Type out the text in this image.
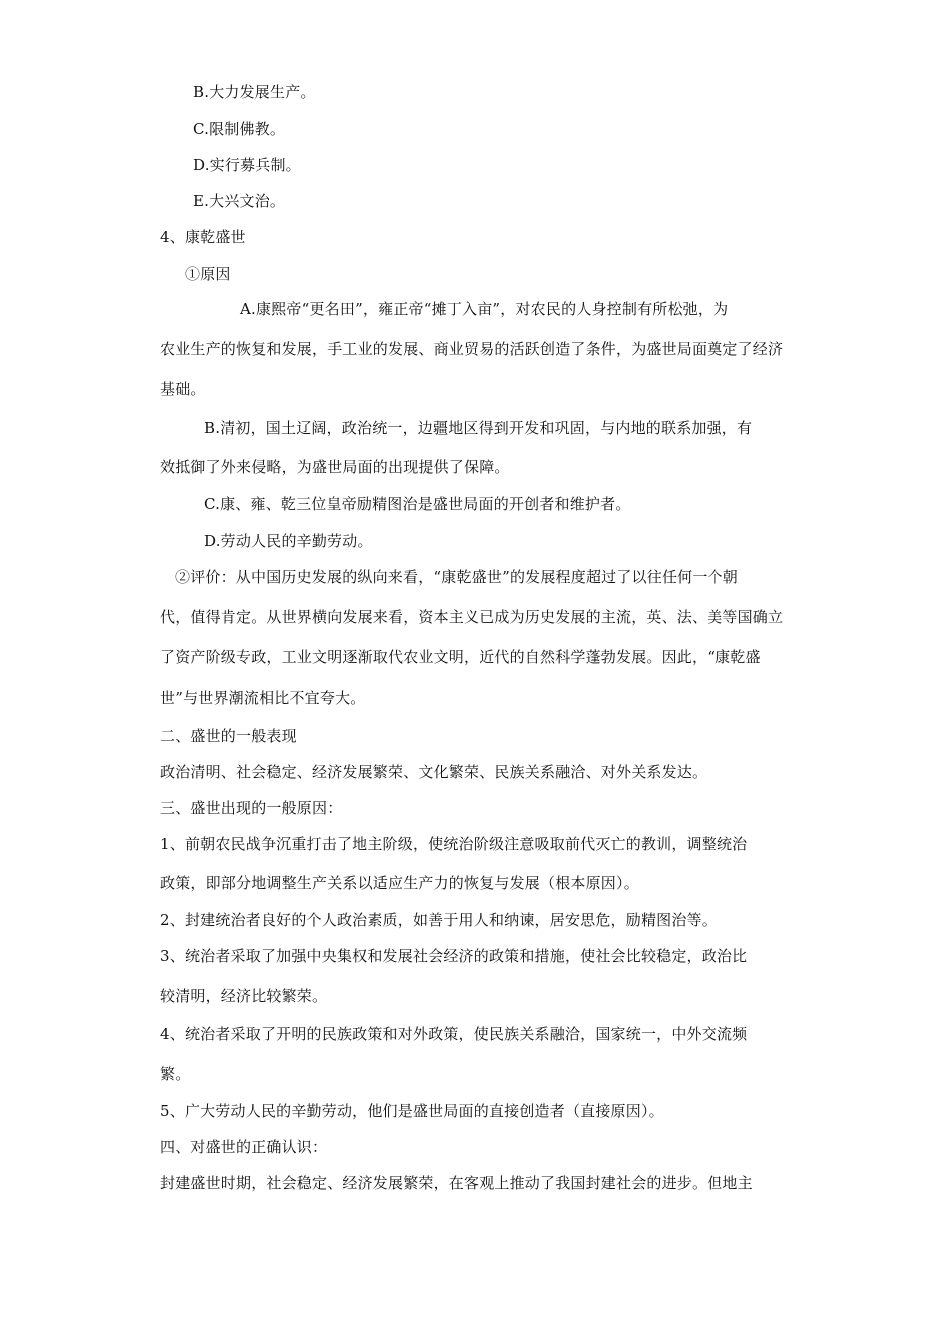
B.大力发展生产。
C.限制佛教。
D.实行募兵制。
E.大兴文治。
4、康乾盛世
①原因
A.康熙帝“更名田”，雍正帝“摊丁入亩”，对农民的人身控制有所松弛，为
农业生产的恢复和发展，手工业的发展、商业贸易的活跃创造了条件，为盛世局面奠定了经济
基础。
B.清初，国土辽阔，政治统一，边疆地区得到开发和巩固，与内地的联系加强，有
效抵御了外来侵略，为盛世局面的出现提供了保障。
C.康、雍、乾三位皇帝励精图治是盛世局面的开创者和维护者。
D.劳动人民的辛勤劳动。
②评价：从中国历史发展的纵向来看，“康乾盛世”的发展程度超过了以往任何一个朝
代，值得肯定。从世界横向发展来看，资本主义已成为历史发展的主流，英、法、美等国确立
了资产阶级专政，工业文明逐渐取代农业文明，近代的自然科学蓬勃发展。因此，“康乾盛
世”与世界潮流相比不宜夸大。
二、盛世的一般表现
政治清明、社会稳定、经济发展繁荣、文化繁荣、民族关系融洽、对外关系发达。
三、盛世出现的一般原因：
1、前朝农民战争沉重打击了地主阶级，使统治阶级注意吸取前代灭亡的教训，调整统治
政策，即部分地调整生产关系以适应生产力的恢复与发展（根本原因）。
2、封建统治者良好的个人政治素质，如善于用人和纳谏，居安思危，励精图治等。
3、统治者采取了加强中央集权和发展社会经济的政策和措施，使社会比较稳定，政治比
较清明，经济比较繁荣。
4、统治者采取了开明的民族政策和对外政策，使民族关系融洽，国家统一，中外交流频
繁。
5、广大劳动人民的辛勤劳动，他们是盛世局面的直接创造者（直接原因）。
四、对盛世的正确认识：
封建盛世时期，社会稳定、经济发展繁荣，在客观上推动了我国封建社会的进步。但地主
